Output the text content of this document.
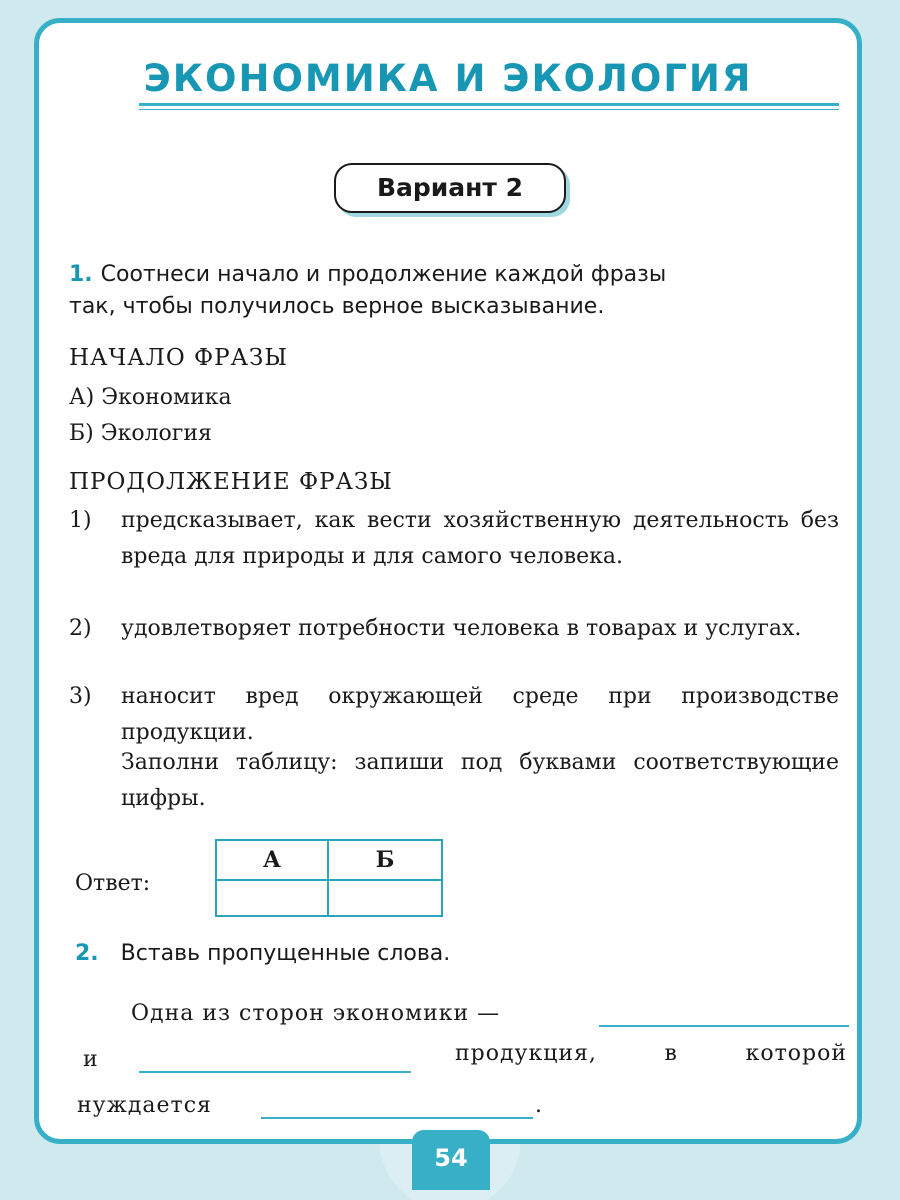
ЭКОНОМИКА И ЭКОЛОГИЯ
Вариант 2
1. Соотнеси начало и продолжение каждой фразы
так, чтобы получилось верное высказывание.
НАЧАЛО ФРАЗЫ
А) Экономика
Б) Экология
ПРОДОЛЖЕНИЕ ФРАЗЫ
1)	предсказывает, как вести хозяйственную деятельность без вреда для природы и для самого человека.
2)	удовлетворяет потребности человека в товарах и услугах.
3)	наносит вред окружающей среде при производстве продукции.
Заполни таблицу: запиши под буквами соответствующие цифры.
Ответ:
А	Б
2. Вставь пропущенные слова.
Одна из сторон экономики —
и	продукция, в которой
нуждается	.
54
